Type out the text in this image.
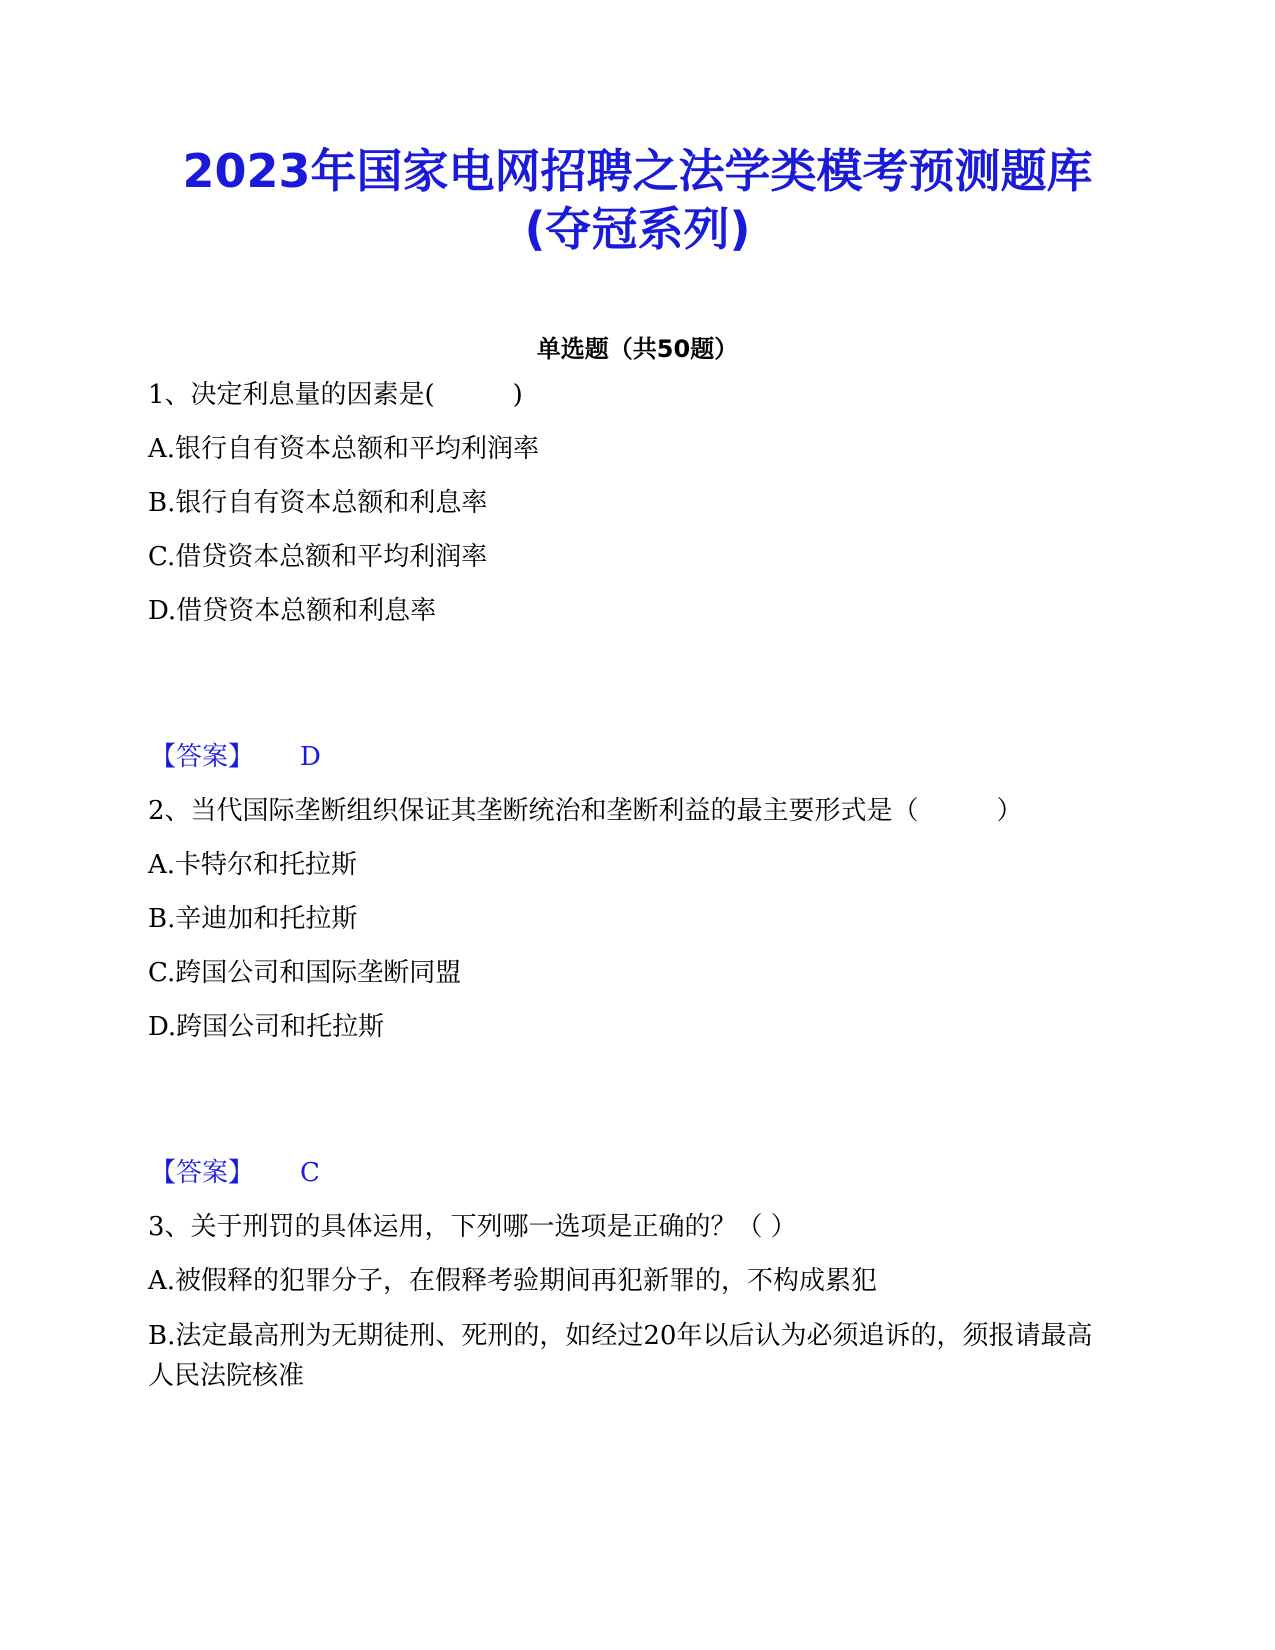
2023年国家电网招聘之法学类模考预测题库
(夺冠系列)
单选题（共50题）
1、决定利息量的因素是(　　　)
A.银行自有资本总额和平均利润率
B.银行自有资本总额和利息率
C.借贷资本总额和平均利润率
D.借贷资本总额和利息率
【答案】 D
2、当代国际垄断组织保证其垄断统治和垄断利益的最主要形式是（　　　）
A.卡特尔和托拉斯
B.辛迪加和托拉斯
C.跨国公司和国际垄断同盟
D.跨国公司和托拉斯
【答案】 C
3、关于刑罚的具体运用，下列哪一选项是正确的？（ ）
A.被假释的犯罪分子，在假释考验期间再犯新罪的，不构成累犯
B.法定最高刑为无期徒刑、死刑的，如经过20年以后认为必须追诉的，须报请最高人民法院核准
